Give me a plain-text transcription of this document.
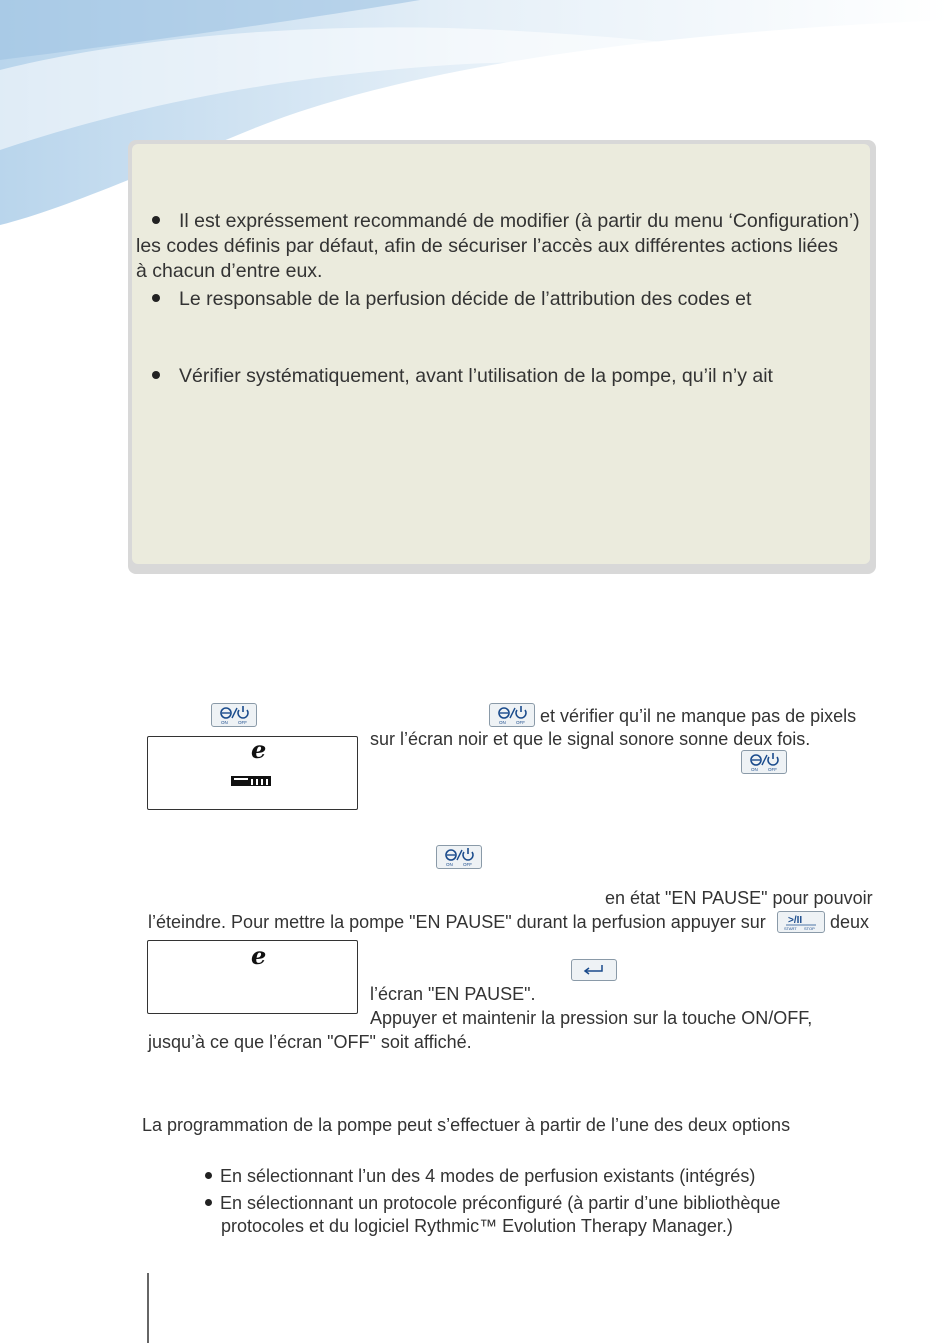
Il est expréssement recommandé de modifier (à partir du menu ‘Configuration’)
les codes définis par défaut, afin de sécuriser l’accès aux différentes actions liées
à chacun d’entre eux.
Le responsable de la perfusion décide de l’attribution des codes et
Vérifier systématiquement, avant l’utilisation de la pompe, qu’il n’y ait
ON OFF	ON OFF et vérifier qu’il ne manque pas de pixels
e	sur l’écran noir et que le signal sonore sonne deux fois.
ON OFF
ON OFF
en état "EN PAUSE" pour pouvoir
l’éteindre. Pour mettre la pompe "EN PAUSE" durant la perfusion appuyer sur >/II
START STOP deux
e
l’écran "EN PAUSE".
Appuyer et maintenir la pression sur la touche ON/OFF,
jusqu’à ce que l’écran "OFF" soit affiché.
La programmation de la pompe peut s’effectuer à partir de l’une des deux options
En sélectionnant l’un des 4 modes de perfusion existants (intégrés)
En sélectionnant un protocole préconfiguré (à partir d’une bibliothèque
protocoles et du logiciel Rythmic™ Evolution Therapy Manager.)
